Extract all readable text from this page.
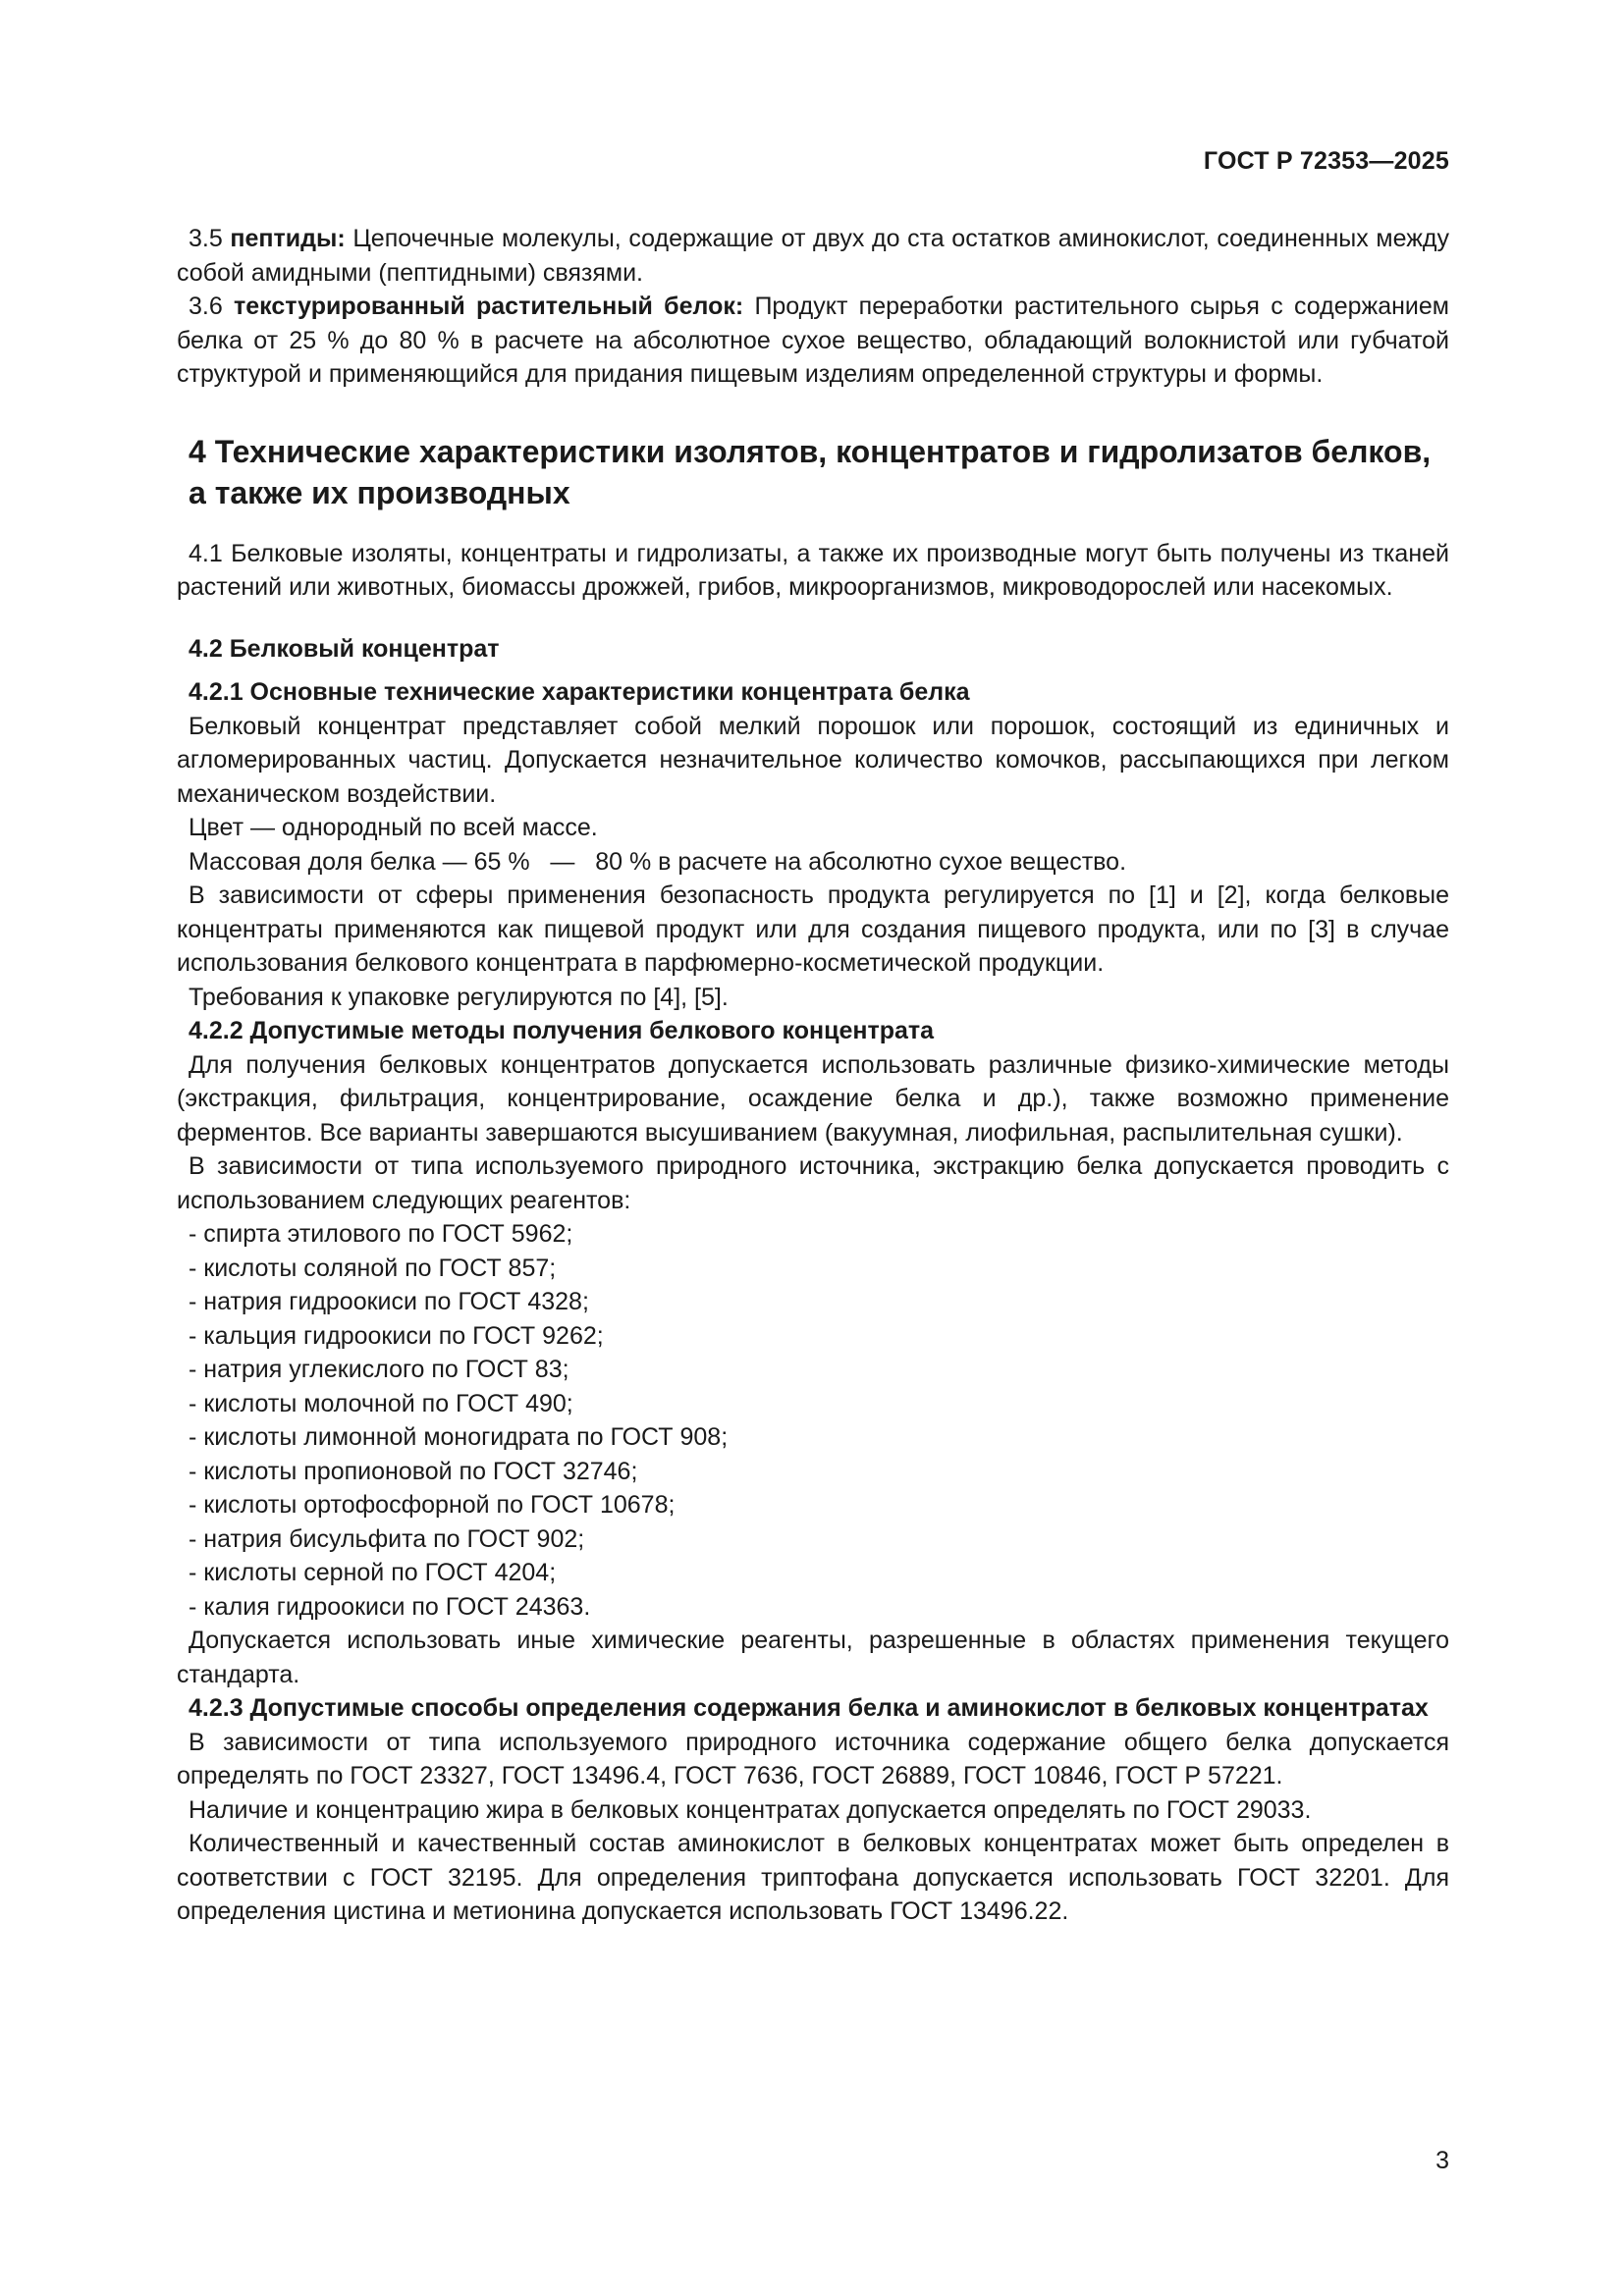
ГОСТ Р 72353—2025

3.5 пептиды: Цепочечные молекулы, содержащие от двух до ста остатков аминокислот, соединенных между собой амидными (пептидными) связями.

3.6 текстурированный растительный белок: Продукт переработки растительного сырья с содержанием белка от 25 % до 80 % в расчете на абсолютное сухое вещество, обладающий волокнистой или губчатой структурой и применяющийся для придания пищевым изделиям определенной структуры и формы.

4 Технические характеристики изолятов, концентратов и гидролизатов белков, а также их производных

4.1 Белковые изоляты, концентраты и гидролизаты, а также их производные могут быть получены из тканей растений или животных, биомассы дрожжей, грибов, микроорганизмов, микроводорослей или насекомых.

4.2 Белковый концентрат

4.2.1 Основные технические характеристики концентрата белка

Белковый концентрат представляет собой мелкий порошок или порошок, состоящий из единичных и агломерированных частиц. Допускается незначительное количество комочков, рассыпающихся при легком механическом воздействии.

Цвет — однородный по всей массе.

Массовая доля белка — 65 %   —   80 % в расчете на абсолютно сухое вещество.

В зависимости от сферы применения безопасность продукта регулируется по [1] и [2], когда белковые концентраты применяются как пищевой продукт или для создания пищевого продукта, или по [3] в случае использования белкового концентрата в парфюмерно-косметической продукции.

Требования к упаковке регулируются по [4], [5].

4.2.2 Допустимые методы получения белкового концентрата

Для получения белковых концентратов допускается использовать различные физико-химические методы (экстракция, фильтрация, концентрирование, осаждение белка и др.), также возможно применение ферментов. Все варианты завершаются высушиванием (вакуумная, лиофильная, распылительная сушки).

В зависимости от типа используемого природного источника, экстракцию белка допускается проводить с использованием следующих реагентов:

- спирта этилового по ГОСТ 5962;

- кислоты соляной по ГОСТ 857;

- натрия гидроокиси по ГОСТ 4328;

- кальция гидроокиси по ГОСТ 9262;

- натрия углекислого по ГОСТ 83;

- кислоты молочной по ГОСТ 490;

- кислоты лимонной моногидрата по ГОСТ 908;

- кислоты пропионовой по ГОСТ 32746;

- кислоты ортофосфорной по ГОСТ 10678;

- натрия бисульфита по ГОСТ 902;

- кислоты серной по ГОСТ 4204;

- калия гидроокиси по ГОСТ 24363.

Допускается использовать иные химические реагенты, разрешенные в областях применения текущего стандарта.

4.2.3 Допустимые способы определения содержания белка и аминокислот в белковых концентратах

В зависимости от типа используемого природного источника содержание общего белка допускается определять по ГОСТ 23327, ГОСТ 13496.4, ГОСТ 7636, ГОСТ 26889, ГОСТ 10846, ГОСТ Р 57221.

Наличие и концентрацию жира в белковых концентратах допускается определять по ГОСТ 29033.

Количественный и качественный состав аминокислот в белковых концентратах может быть определен в соответствии с ГОСТ 32195. Для определения триптофана допускается использовать ГОСТ 32201. Для определения цистина и метионина допускается использовать ГОСТ 13496.22.

3
